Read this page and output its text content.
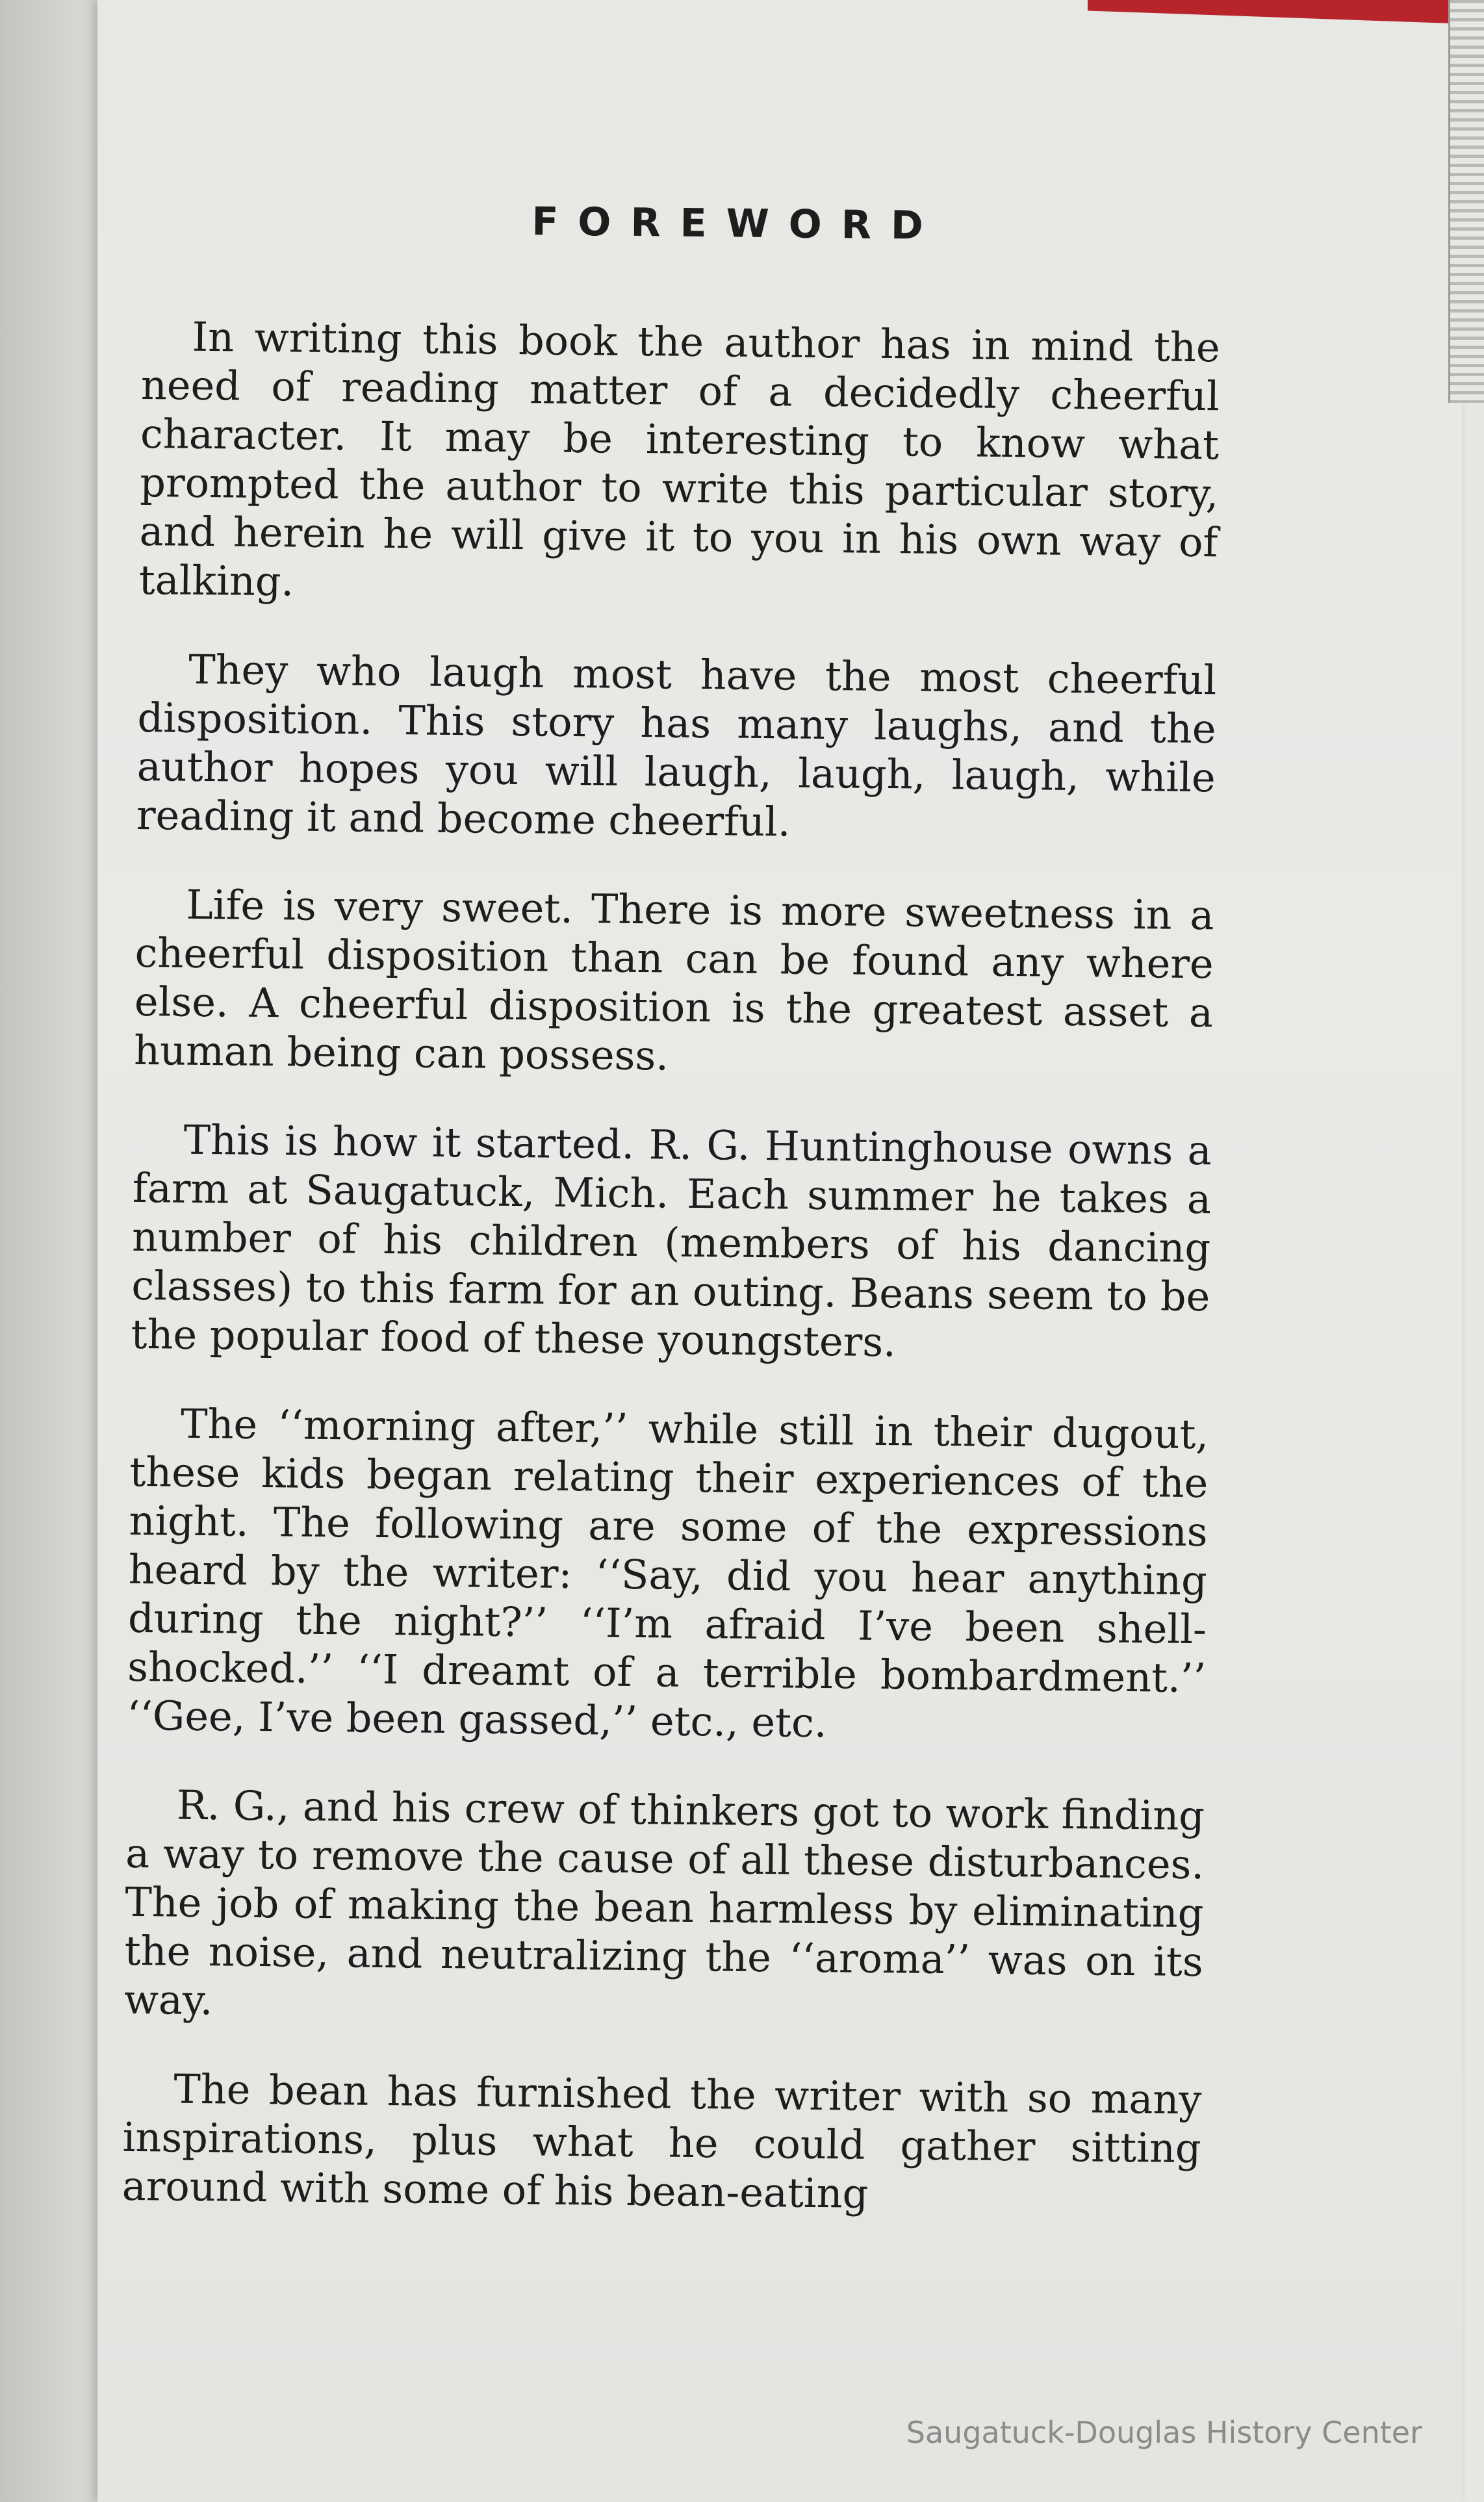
FOREWORD

In writing this book the author has in mind the need of reading matter of a decidedly cheerful character. It may be interesting to know what prompted the author to write this particular story, and herein he will give it to you in his own way of talking.

They who laugh most have the most cheerful disposition. This story has many laughs, and the author hopes you will laugh, laugh, laugh, while reading it and become cheerful.

Life is very sweet. There is more sweetness in a cheerful disposition than can be found any where else. A cheerful disposition is the greatest asset a human being can possess.

This is how it started. R. G. Huntinghouse owns a farm at Saugatuck, Mich. Each summer he takes a number of his children (members of his dancing classes) to this farm for an outing. Beans seem to be the popular food of these youngsters.

The ‘‘morning after,’’ while still in their dugout, these kids began relating their experiences of the night. The following are some of the expressions heard by the writer: ‘‘Say, did you hear anything during the night?’’ ‘‘I’m afraid I’ve been shell-shocked.’’ ‘‘I dreamt of a terrible bombardment.’’ ‘‘Gee, I’ve been gassed,’’ etc., etc.

R. G., and his crew of thinkers got to work finding a way to remove the cause of all these disturbances. The job of making the bean harmless by eliminating the noise, and neutralizing the ‘‘aroma’’ was on its way.

The bean has furnished the writer with so many inspirations, plus what he could gather sitting around with some of his bean-eating

Saugatuck-Douglas History Center
